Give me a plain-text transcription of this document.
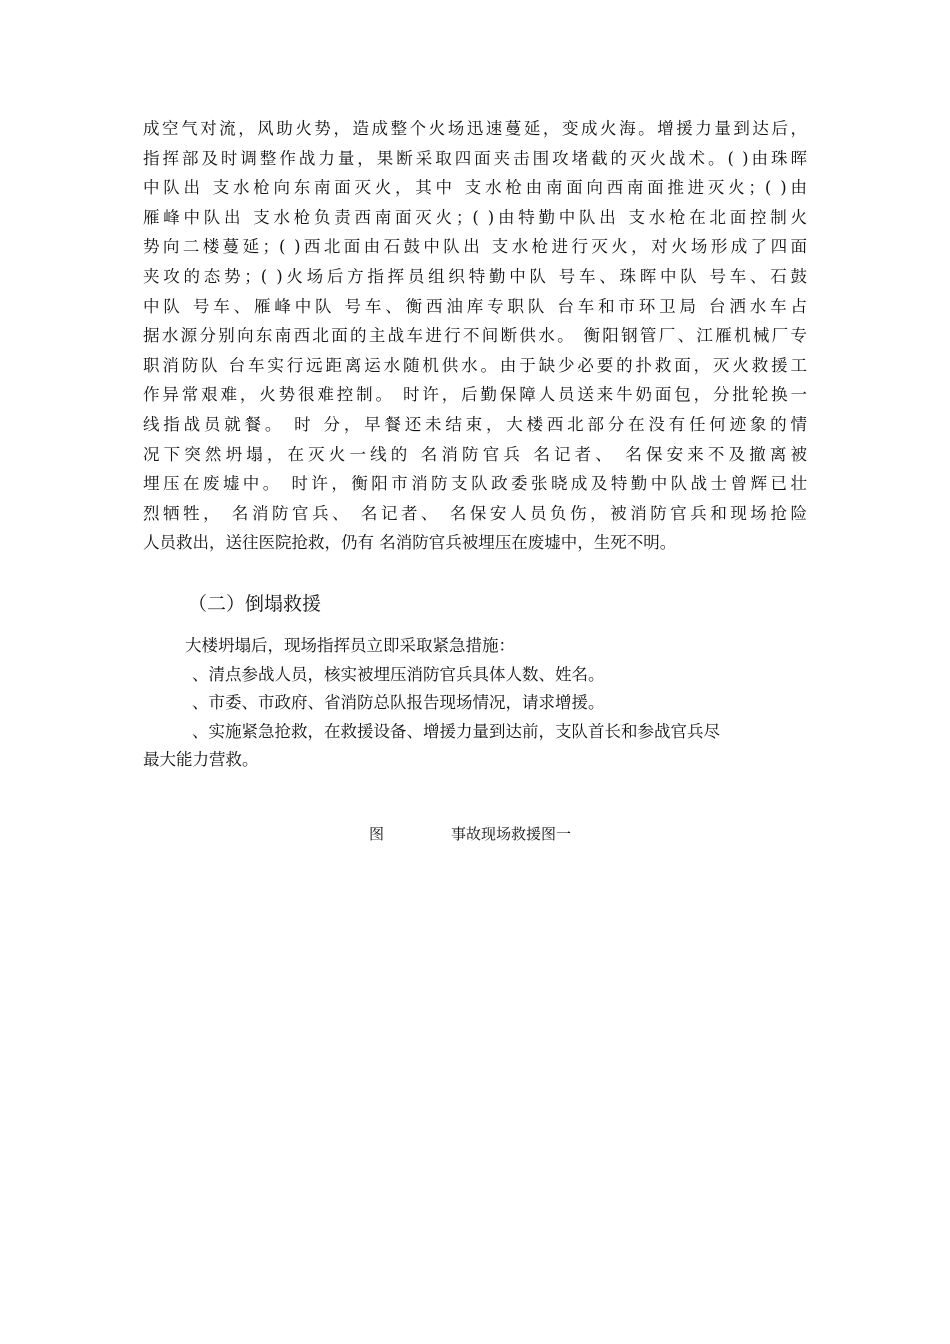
成空气对流，风助火势，造成整个火场迅速蔓延，变成火海。增援力量到达后，
指挥部及时调整作战力量，果断采取四面夹击围攻堵截的灭火战术。( )由珠晖
中队出 支水枪向东南面灭火，其中 支水枪由南面向西南面推进灭火；( )由
雁峰中队出 支水枪负责西南面灭火；( )由特勤中队出 支水枪在北面控制火
势向二楼蔓延；( )西北面由石鼓中队出 支水枪进行灭火，对火场形成了四面
夹攻的态势；( )火场后方指挥员组织特勤中队 号车、珠晖中队 号车、石鼓
中队 号车、雁峰中队 号车、衡西油库专职队 台车和市环卫局 台洒水车占
据水源分别向东南西北面的主战车进行不间断供水。 衡阳钢管厂、江雁机械厂专
职消防队 台车实行远距离运水随机供水。由于缺少必要的扑救面，灭火救援工
作异常艰难，火势很难控制。 时许，后勤保障人员送来牛奶面包，分批轮换一
线指战员就餐。 时 分，早餐还未结束，大楼西北部分在没有任何迹象的情
况下突然坍塌，在灭火一线的 名消防官兵 名记者、 名保安来不及撤离被
埋压在废墟中。 时许，衡阳市消防支队政委张晓成及特勤中队战士曾辉已壮
烈牺牲， 名消防官兵、 名记者、 名保安人员负伤，被消防官兵和现场抢险
人员救出，送往医院抢救，仍有 名消防官兵被埋压在废墟中，生死不明。
（二）倒塌救援
大楼坍塌后，现场指挥员立即采取紧急措施：
、清点参战人员，核实被埋压消防官兵具体人数、姓名。
、市委、市政府、省消防总队报告现场情况，请求增援。
、实施紧急抢救，在救援设备、增援力量到达前，支队首长和参战官兵尽
最大能力营救。
图	事故现场救援图一
